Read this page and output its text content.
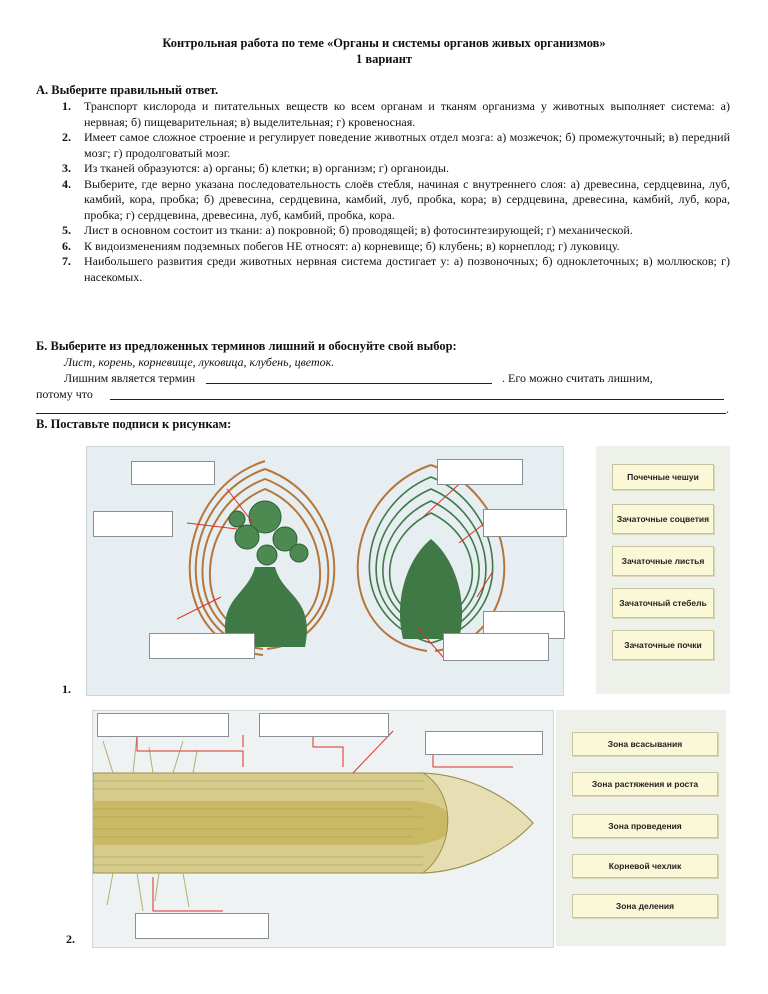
Контрольная работа по теме «Органы и системы органов живых организмов»
1 вариант
А. Выберите правильный ответ.
1. Транспорт кислорода и питательных веществ ко всем органам и тканям организма у животных выполняет система: а) нервная; б) пищеварительная; в) выделительная; г) кровеносная.
2. Имеет самое сложное строение и регулирует поведение животных отдел мозга: а) мозжечок; б) промежуточный; в) передний мозг; г) продолговатый мозг.
3. Из тканей образуются: а) органы; б) клетки; в) организм; г) органоиды.
4. Выберите, где верно указана последовательность слоёв стебля, начиная с внутреннего слоя: а) древесина, сердцевина, луб, камбий, кора, пробка; б) древесина, сердцевина, камбий, луб, пробка, кора; в) сердцевина, древесина, камбий, луб, кора, пробка; г) сердцевина, древесина, луб, камбий, пробка, кора.
5. Лист в основном состоит из ткани: а) покровной; б) проводящей; в) фотосинтезирующей; г) механической.
6. К видоизменениям подземных побегов НЕ относят: а) корневище; б) клубень; в) корнеплод; г) луковицу.
7. Наибольшего развития среди животных нервная система достигает у: а) позвоночных; б) одноклеточных; в) моллюсков; г) насекомых.
Б. Выберите из предложенных терминов лишний и обоснуйте свой выбор:
Лист, корень, корневище, луковица, клубень, цветок.
Лишним является термин	. Его можно считать лишним,
потому что
.
В. Поставьте подписи к рисункам:
Почечные чешуи
Зачаточные соцветия
Зачаточные листья
Зачаточный стебель
Зачаточные почки
1.
Зона всасывания
Зона растяжения и роста
Зона проведения
Корневой чехлик
Зона деления
2.
